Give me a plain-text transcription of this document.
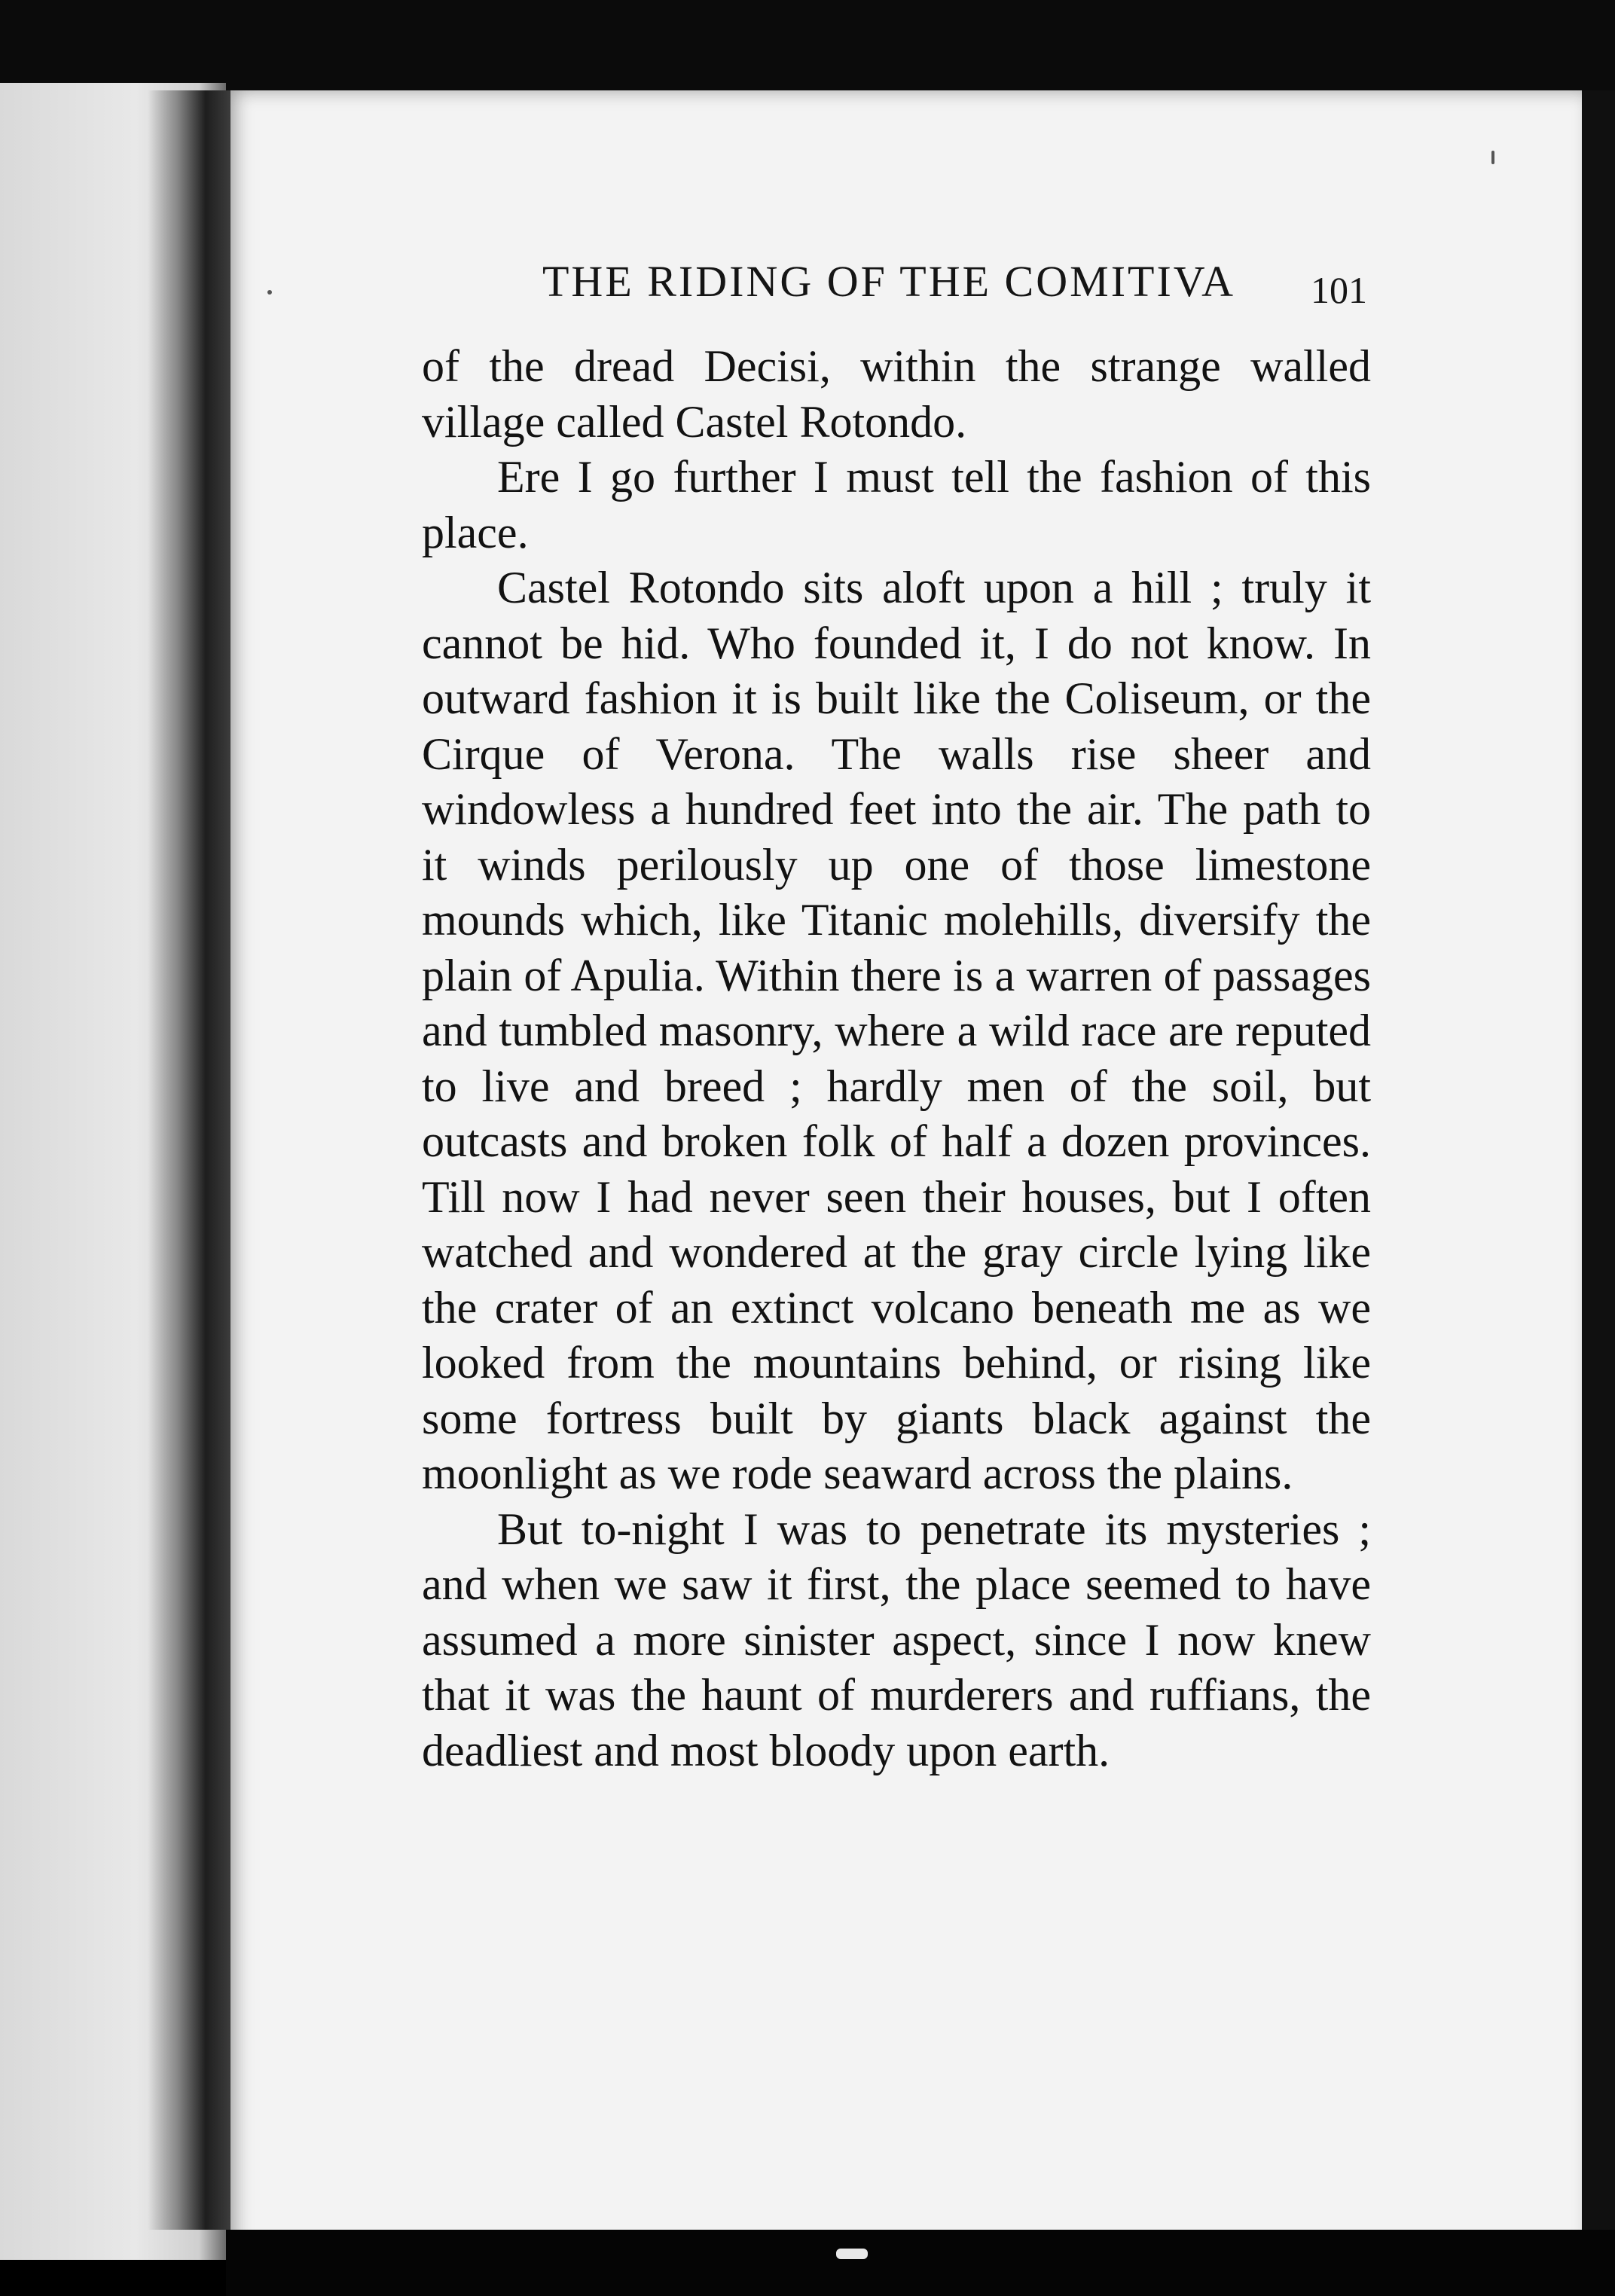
THE RIDING OF THE COMITIVA	101

of the dread Decisi, within the strange walled village called Castel Rotondo.

Ere I go further I must tell the fashion of this place.

Castel Rotondo sits aloft upon a hill ; truly it cannot be hid. Who founded it, I do not know. In outward fashion it is built like the Coliseum, or the Cirque of Verona. The walls rise sheer and windowless a hundred feet into the air. The path to it winds perilously up one of those limestone mounds which, like Titanic molehills, diversify the plain of Apulia. Within there is a warren of passages and tumbled masonry, where a wild race are reputed to live and breed ; hardly men of the soil, but outcasts and broken folk of half a dozen provinces. Till now I had never seen their houses, but I often watched and wondered at the gray circle lying like the crater of an extinct volcano beneath me as we looked from the mountains behind, or rising like some fortress built by giants black against the moonlight as we rode seaward across the plains.

But to-night I was to penetrate its mysteries ; and when we saw it first, the place seemed to have assumed a more sinister aspect, since I now knew that it was the haunt of murderers and ruffians, the deadliest and most bloody upon earth.
